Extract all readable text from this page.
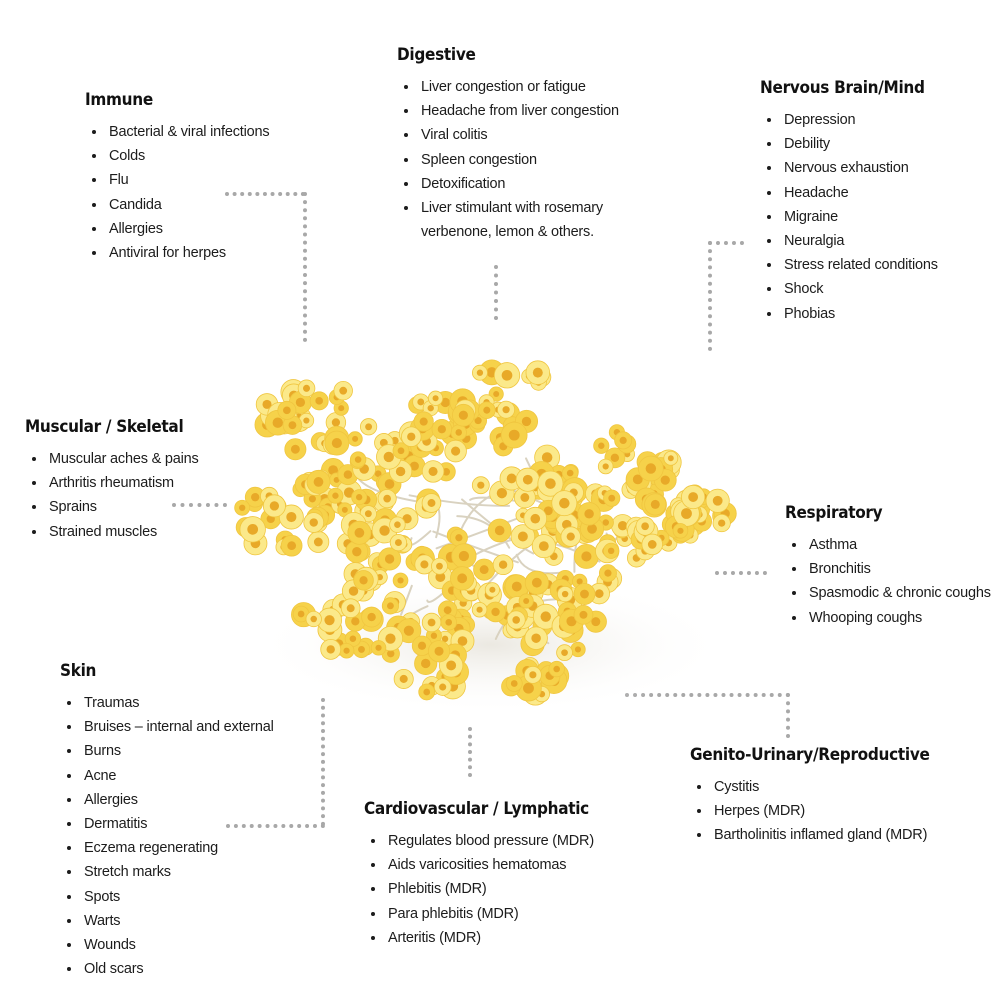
Immune
• Bacterial & viral infections
• Colds
• Flu
• Candida
• Allergies
• Antiviral for herpes
Digestive
• Liver congestion or fatigue
• Headache from liver congestion
• Viral colitis
• Spleen congestion
• Detoxification
• Liver stimulant with rosemary verbenone, lemon & others.
Nervous Brain/Mind
• Depression
• Debility
• Nervous exhaustion
• Headache
• Migraine
• Neuralgia
• Stress related conditions
• Shock
• Phobias
Muscular / Skeletal
• Muscular aches & pains
• Arthritis rheumatism
• Sprains
• Strained muscles
Respiratory
• Asthma
• Bronchitis
• Spasmodic & chronic coughs
• Whooping coughs
Skin
• Traumas
• Bruises – internal and external
• Burns
• Acne
• Allergies
• Dermatitis
• Eczema regenerating
• Stretch marks
• Spots
• Warts
• Wounds
• Old scars
Cardiovascular / Lymphatic
• Regulates blood pressure (MDR)
• Aids varicosities hematomas
• Phlebitis (MDR)
• Para phlebitis (MDR)
• Arteritis (MDR)
Genito-Urinary/Reproductive
• Cystitis
• Herpes (MDR)
• Bartholinitis inflamed gland (MDR)
